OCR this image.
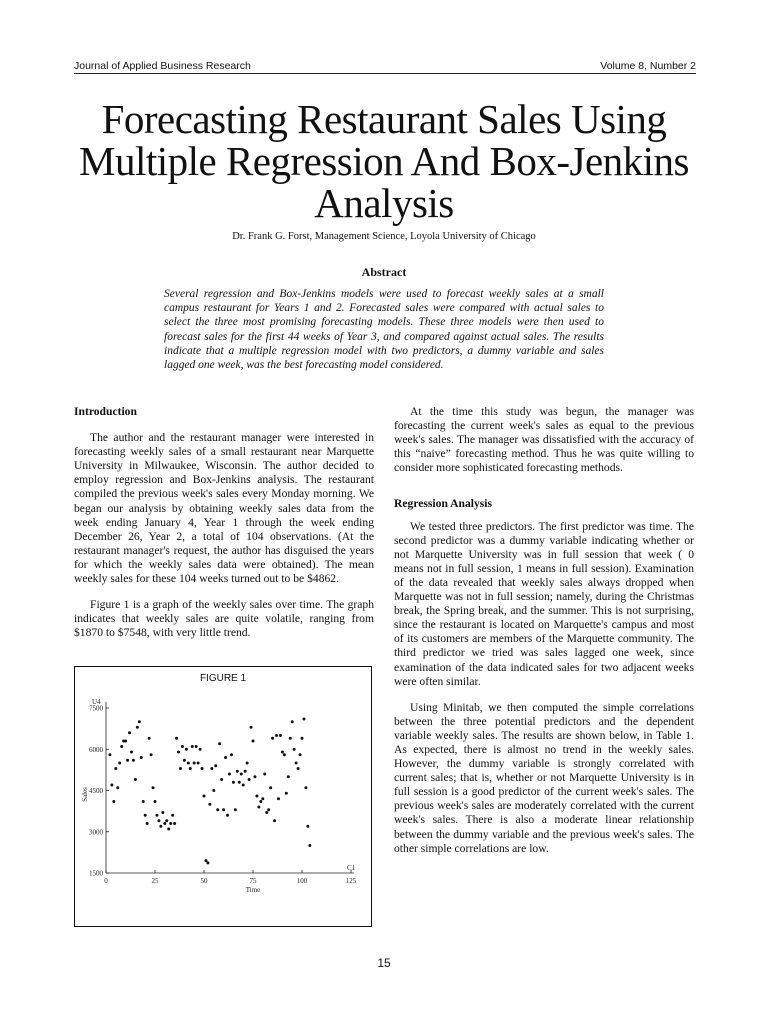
Journal of Applied Business Research	Volume 8, Number 2
Forecasting Restaurant Sales Using Multiple Regression And Box-Jenkins Analysis

Dr. Frank G. Forst, Management Science, Loyola University of Chicago

Abstract

Several regression and Box-Jenkins models were used to forecast weekly sales at a small campus restaurant for Years 1 and 2. Forecasted sales were compared with actual sales to select the three most promising forecasting models. These three models were then used to forecast sales for the first 44 weeks of Year 3, and compared against actual sales. The results indicate that a multiple regression model with two predictors, a dummy variable and sales lagged one week, was the best forecasting model considered.

Introduction

The author and the restaurant manager were interested in forecasting weekly sales of a small restaurant near Marquette University in Milwaukee, Wisconsin. The author decided to employ regression and Box-Jenkins analysis. The restaurant compiled the previous week's sales every Monday morning. We began our analysis by obtaining weekly sales data from the week ending January 4, Year 1 through the week ending December 26, Year 2, a total of 104 observations. (At the restaurant manager's request, the author has disguised the years for which the weekly sales data were obtained). The mean weekly sales for these 104 weeks turned out to be $4862.

Figure 1 is a graph of the weekly sales over time. The graph indicates that weekly sales are quite volatile, ranging from $1870 to $7548, with very little trend.

FIGURE 1
1500
3000
4500
6000
7500
0	25	50	75	100	125
U4
C1
Time
Sales

At the time this study was begun, the manager was forecasting the current week's sales as equal to the previous week's sales. The manager was dissatisfied with the accuracy of this “naive” forecasting method. Thus he was quite willing to consider more sophisticated forecasting methods.

Regression Analysis

We tested three predictors. The first predictor was time. The second predictor was a dummy variable indicating whether or not Marquette University was in full session that week ( 0 means not in full session, 1 means in full session). Examination of the data revealed that weekly sales always dropped when Marquette was not in full session; namely, during the Christmas break, the Spring break, and the summer. This is not surprising, since the restaurant is located on Marquette's campus and most of its customers are members of the Marquette community. The third predictor we tried was sales lagged one week, since examination of the data indicated sales for two adjacent weeks were often similar.

Using Minitab, we then computed the simple correlations between the three potential predictors and the dependent variable weekly sales. The results are shown below, in Table 1. As expected, there is almost no trend in the weekly sales. However, the dummy variable is strongly correlated with current sales; that is, whether or not Marquette University is in full session is a good predictor of the current week's sales. The previous week's sales are moderately correlated with the current week's sales. There is also a moderate linear relationship between the dummy variable and the previous week's sales. The other simple correlations are low.

15
